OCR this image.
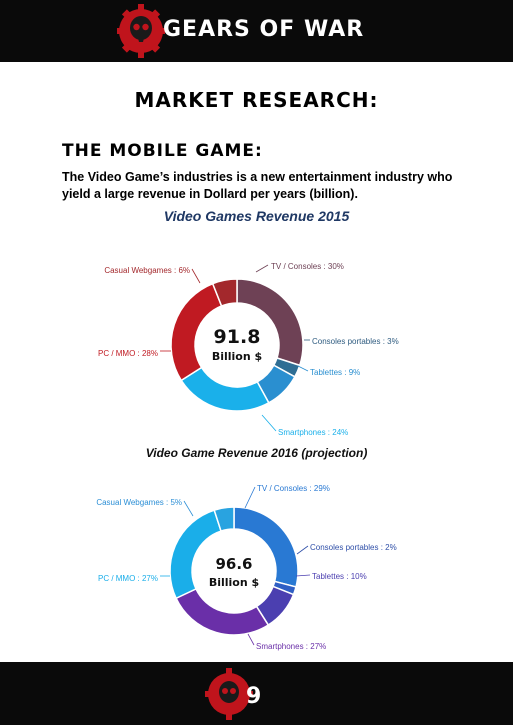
GEARS OF WAR
MARKET RESEARCH:
THE MOBILE GAME:
The Video Game’s industries is a new entertainment industry who yield a large revenue in Dollard per years (billion).
Video Games Revenue 2015
TV / Consoles : 30%
Consoles portables : 3%
Tablettes : 9%
Smartphones : 24%
PC / MMO : 28%
Casual Webgames : 6%
91.8
Billion $
Video Game Revenue 2016 (projection)
TV / Consoles : 29%
Consoles portables : 2%
Tablettes : 10%
Smartphones : 27%
PC / MMO : 27%
Casual Webgames : 5%
96.6
Billion $
9
